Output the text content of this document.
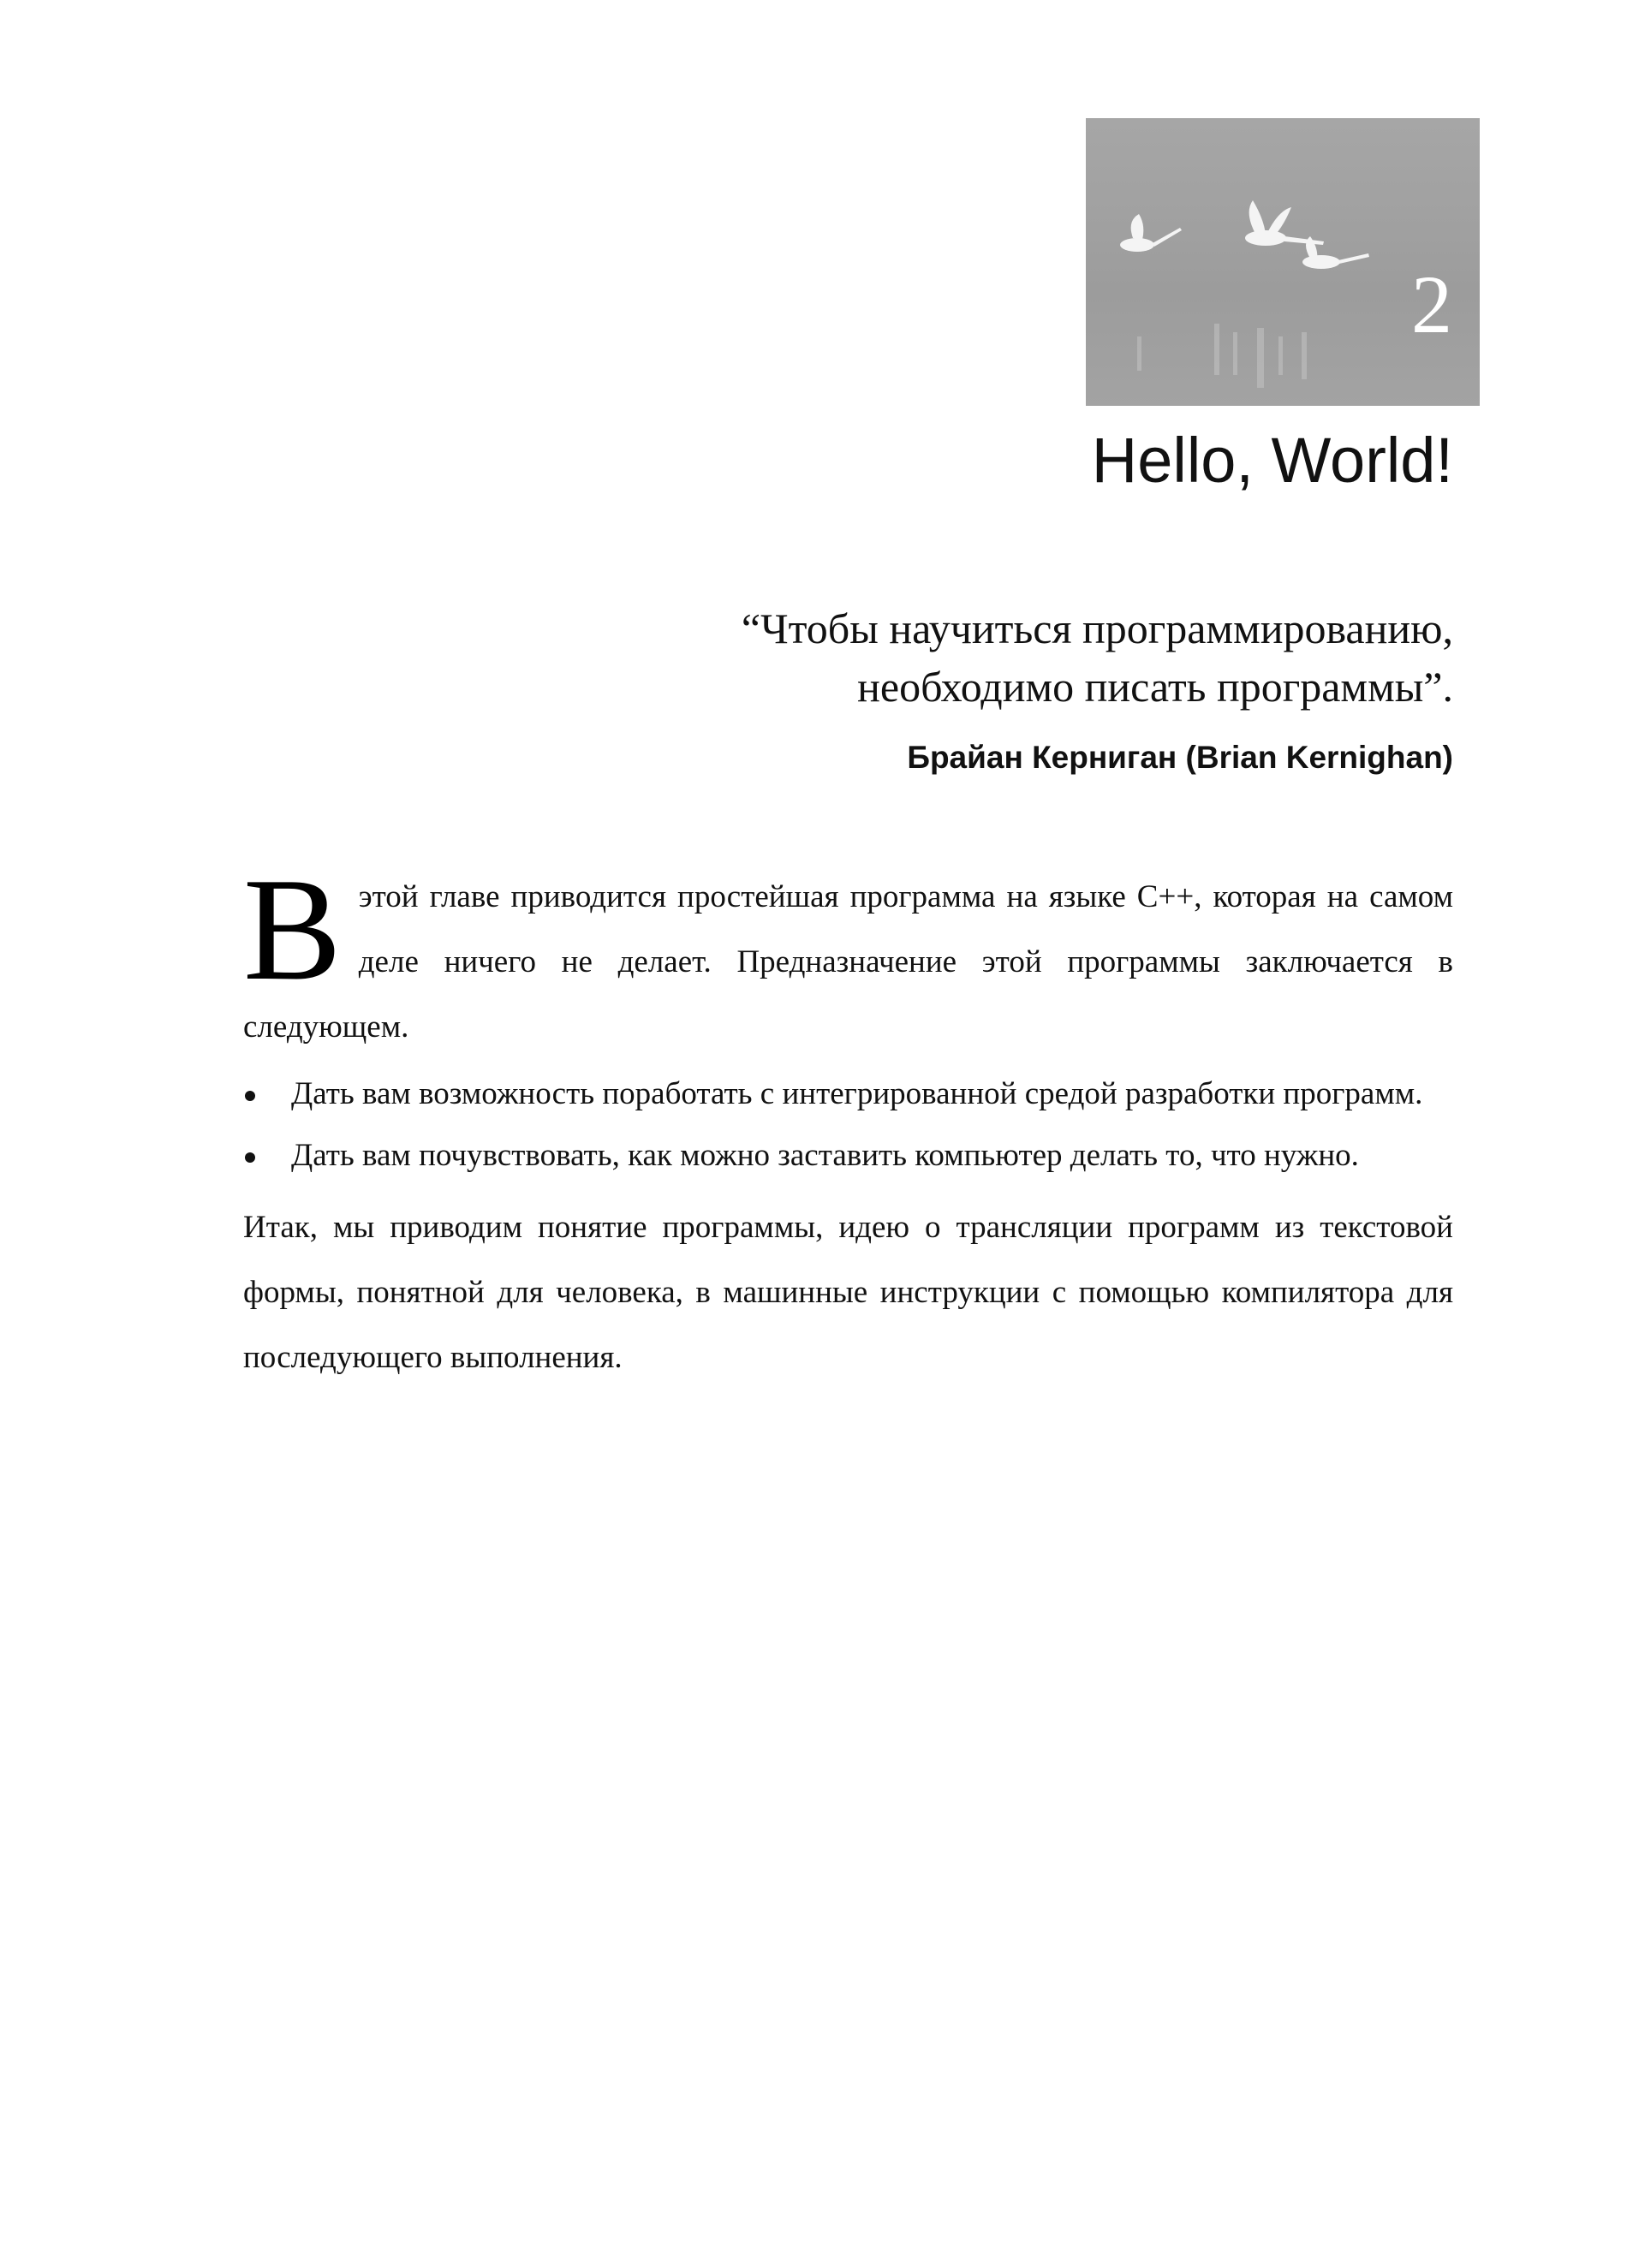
2
Hello, World!
“Чтобы научиться программированию,
необходимо писать программы”.
Брайан Керниган (Brian Kernighan)

В этой главе приводится простейшая программа на языке C++, которая на самом деле ничего не делает. Предназначение этой программы заключается в следующем.

Дать вам возможность поработать с интегрированной средой разработки программ.
Дать вам почувствовать, как можно заставить компьютер делать то, что нужно.

Итак, мы приводим понятие программы, идею о трансляции программ из текстовой формы, понятной для человека, в машинные инструкции с помощью компилятора для последующего выполнения.
